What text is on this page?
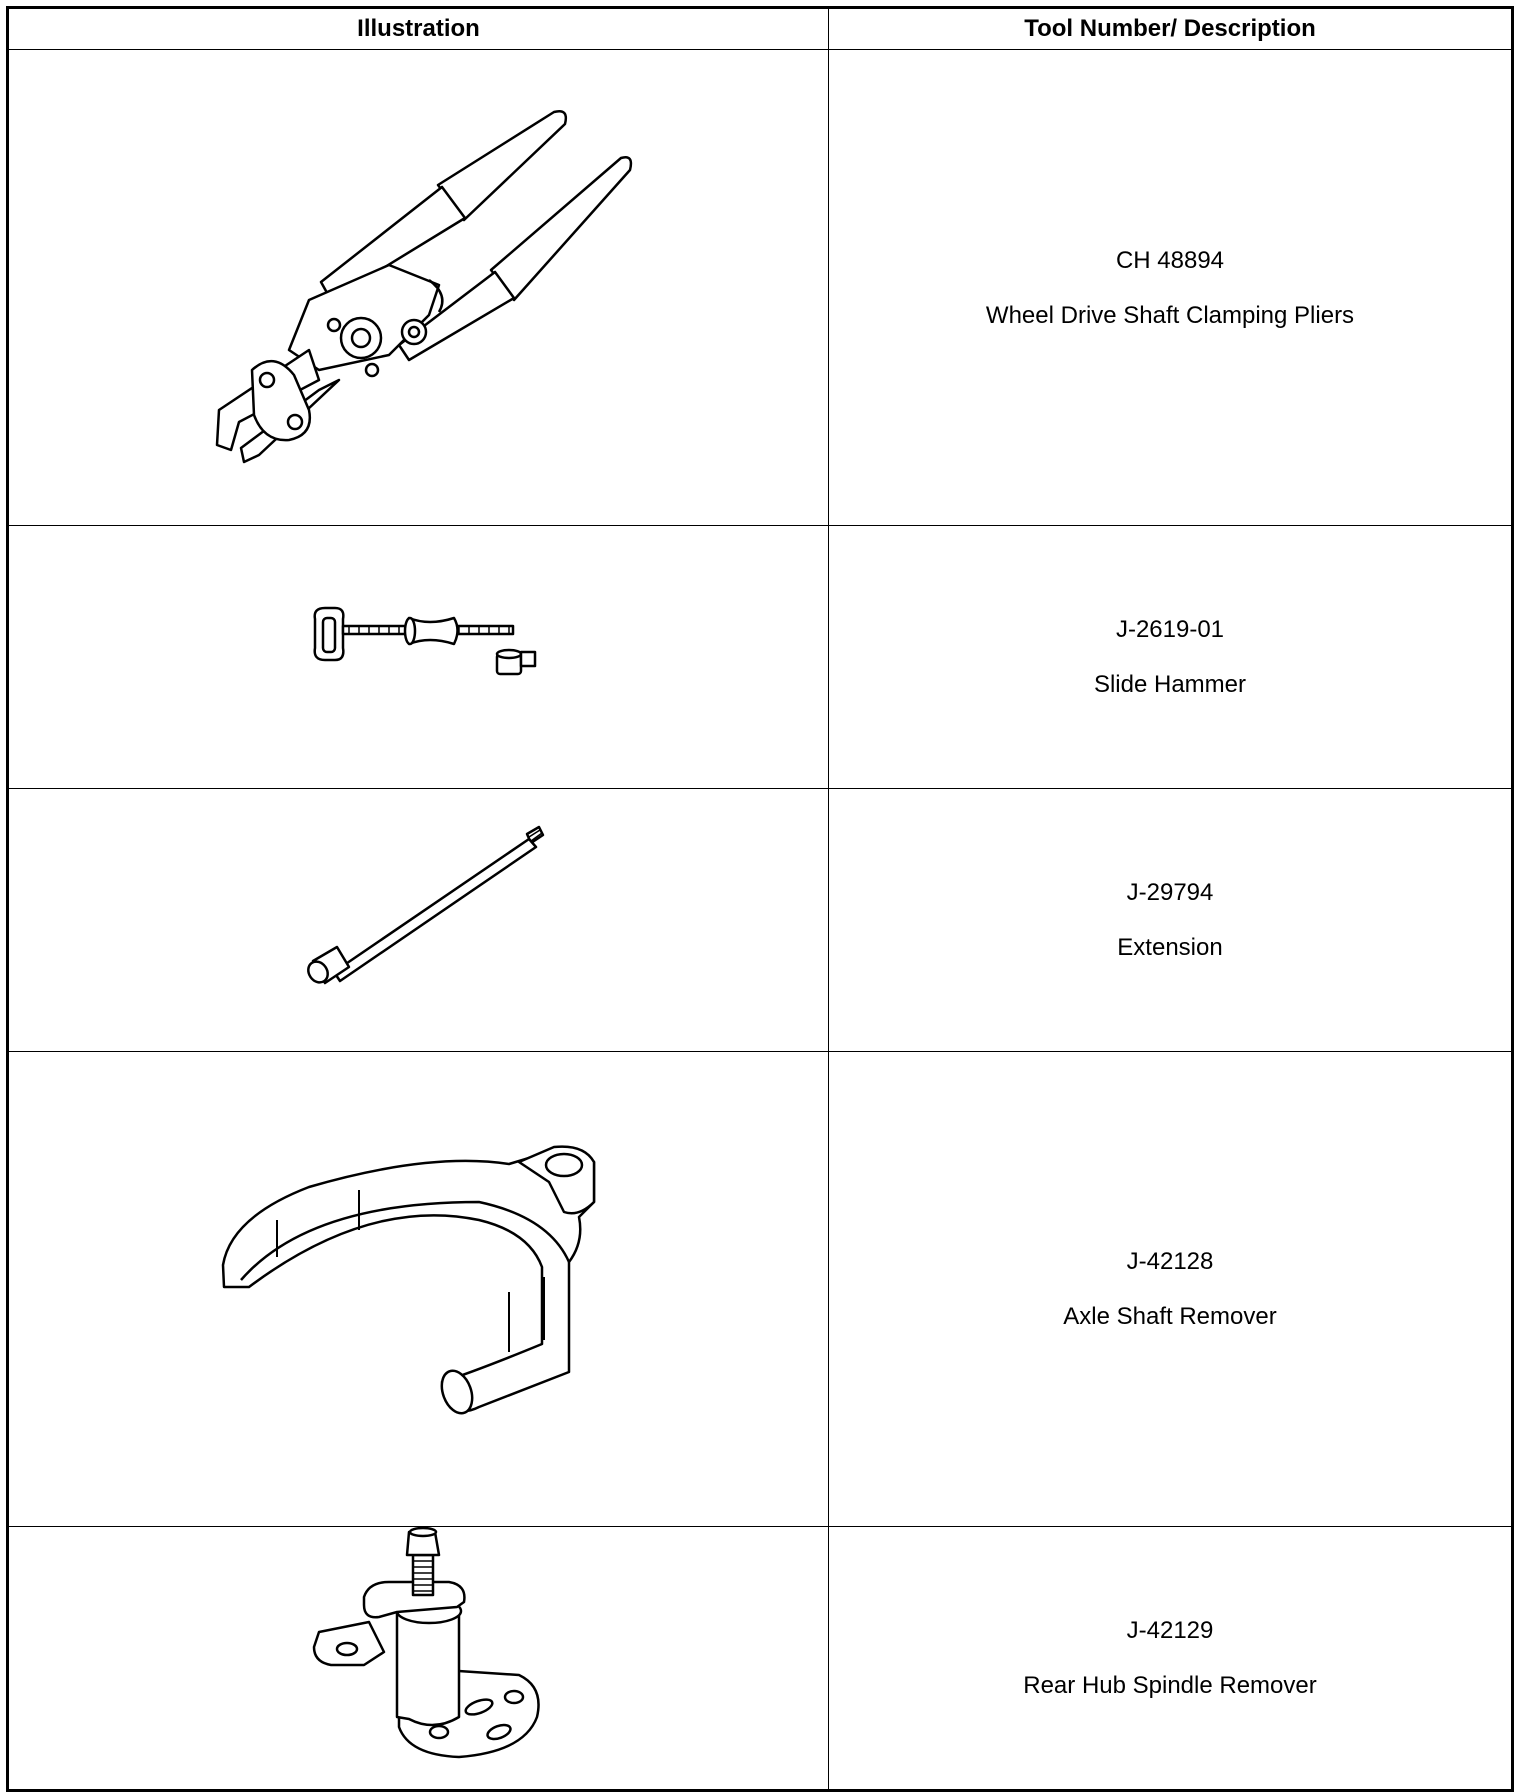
Illustration	Tool Number/ Description

CH 48894
Wheel Drive Shaft Clamping Pliers

J-2619-01
Slide Hammer

J-29794
Extension

J-42128
Axle Shaft Remover

J-42129
Rear Hub Spindle Remover
